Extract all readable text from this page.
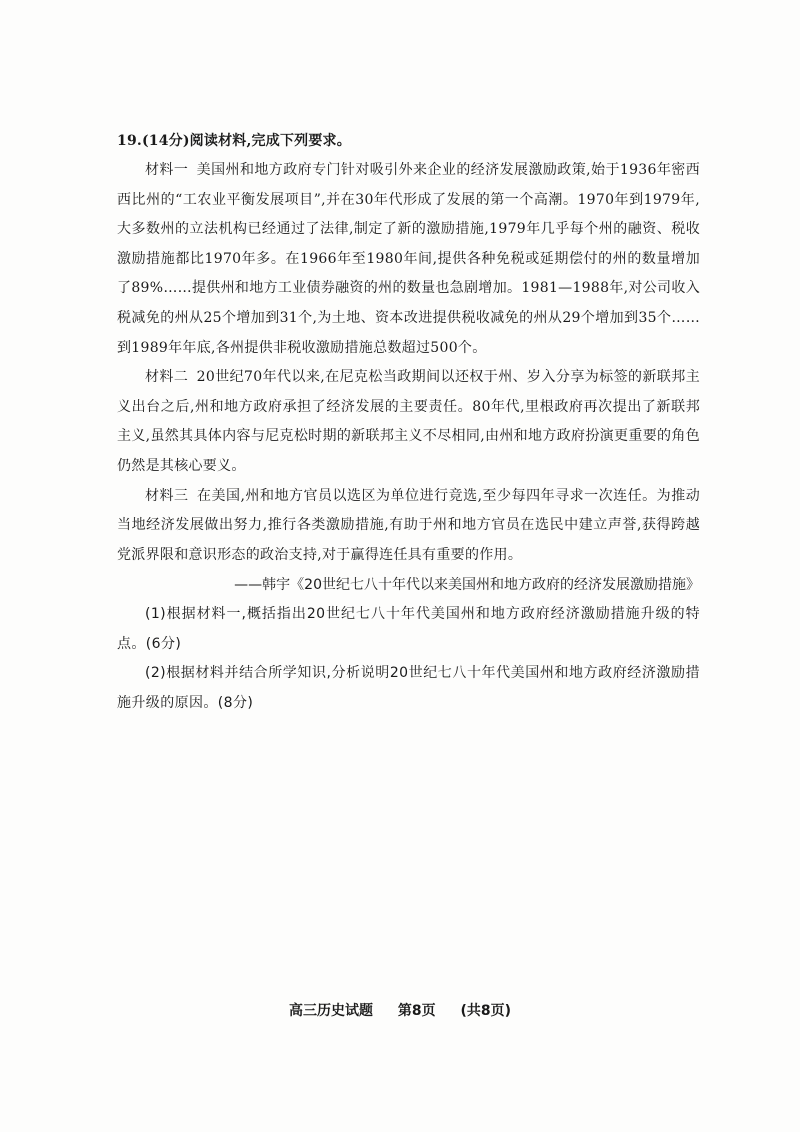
19.(14分)阅读材料,完成下列要求。

材料一 美国州和地方政府专门针对吸引外来企业的经济发展激励政策,始于1936年密西西比州的“工农业平衡发展项目”,并在30年代形成了发展的第一个高潮。1970年到1979年,大多数州的立法机构已经通过了法律,制定了新的激励措施,1979年几乎每个州的融资、税收激励措施都比1970年多。在1966年至1980年间,提供各种免税或延期偿付的州的数量增加了89%……提供州和地方工业债券融资的州的数量也急剧增加。1981—1988年,对公司收入税减免的州从25个增加到31个,为土地、资本改进提供税收减免的州从29个增加到35个……到1989年年底,各州提供非税收激励措施总数超过500个。

材料二 20世纪70年代以来,在尼克松当政期间以还权于州、岁入分享为标签的新联邦主义出台之后,州和地方政府承担了经济发展的主要责任。80年代,里根政府再次提出了新联邦主义,虽然其具体内容与尼克松时期的新联邦主义不尽相同,由州和地方政府扮演更重要的角色仍然是其核心要义。

材料三 在美国,州和地方官员以选区为单位进行竞选,至少每四年寻求一次连任。为推动当地经济发展做出努力,推行各类激励措施,有助于州和地方官员在选民中建立声誉,获得跨越党派界限和意识形态的政治支持,对于赢得连任具有重要的作用。

——韩宇《20世纪七八十年代以来美国州和地方政府的经济发展激励措施》

(1)根据材料一,概括指出20世纪七八十年代美国州和地方政府经济激励措施升级的特点。(6分)

(2)根据材料并结合所学知识,分析说明20世纪七八十年代美国州和地方政府经济激励措施升级的原因。(8分)

高三历史试题 第8页 (共8页)
